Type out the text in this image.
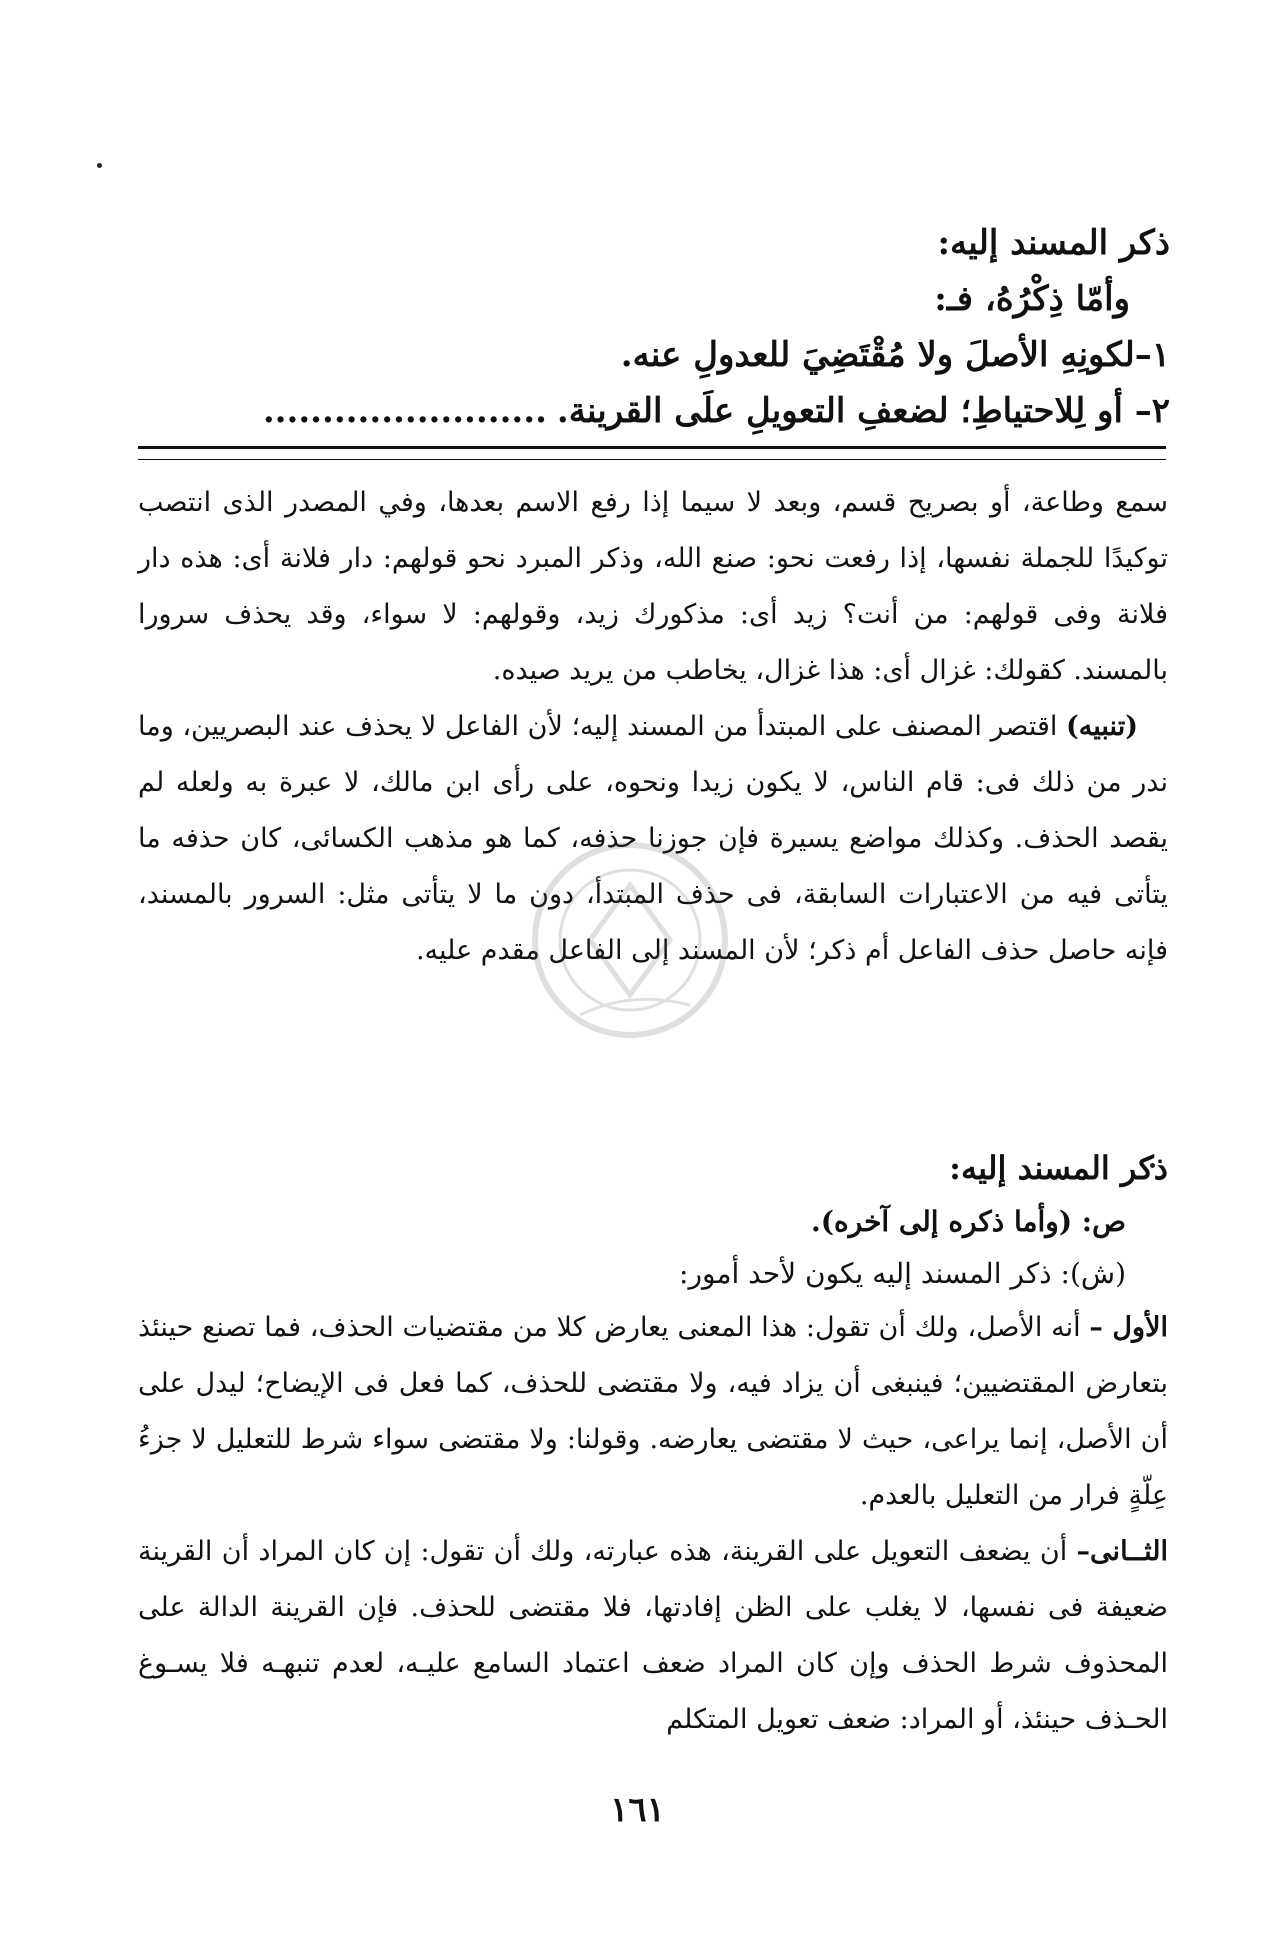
ذكر المسند إليه:

وأمّا ذِكْرُهُ، فـ:

١–لكونِهِ الأصلَ ولا مُقْتَضِيَ للعدولِ عنه.

٢– أو لِلاحتياطِ؛ لضعفِ التعويلِ علَى القرينة.........................

سمع وطاعة، أو بصريح قسم، وبعد لا سيما إذا رفع الاسم بعدها، وفي المصدر الذى انتصب توكيدًا للجملة نفسها، إذا رفعت نحو: صنع الله، وذكر المبرد نحو قولهم: دار فلانة أى: هذه دار فلانة وفى قولهم: من أنت؟ زيد أى: مذكورك زيد، وقولهم: لا سواء، وقد يحذف سرورا بالمسند. كقولك: غزال أى: هذا غزال، يخاطب من يريد صيده.

(تنبيه) اقتصر المصنف على المبتدأ من المسند إليه؛ لأن الفاعل لا يحذف عند البصريين، وما ندر من ذلك فى: قام الناس، لا يكون زيدا ونحوه، على رأى ابن مالك، لا عبرة به ولعله لم يقصد الحذف. وكذلك مواضع يسيرة فإن جوزنا حذفه، كما هو مذهب الكسائى، كان حذفه ما يتأتى فيه من الاعتبارات السابقة، فى حذف المبتدأ، دون ما لا يتأتى مثل: السرور بالمسند، فإنه حاصل حذف الفاعل أم ذكر؛ لأن المسند إلى الفاعل مقدم عليه.

ذكر المسند إليه:

ص: (وأما ذكره إلى آخره).

(ش): ذكر المسند إليه يكون لأحد أمور:

الأول – أنه الأصل، ولك أن تقول: هذا المعنى يعارض كلا من مقتضيات الحذف، فما تصنع حينئذ بتعارض المقتضيين؛ فينبغى أن يزاد فيه، ولا مقتضى للحذف، كما فعل فى الإيضاح؛ ليدل على أن الأصل، إنما يراعى، حيث لا مقتضى يعارضه. وقولنا: ولا مقتضى سواء شرط للتعليل لا جزءُ عِلّةٍ فرار من التعليل بالعدم.

الثــانى– أن يضعف التعويل على القرينة، هذه عبارته، ولك أن تقول: إن كان المراد أن القرينة ضعيفة فى نفسها، لا يغلب على الظن إفادتها، فلا مقتضى للحذف. فإن القرينة الدالة على المحذوف شرط الحذف وإن كان المراد ضعف اعتماد السامع عليـه، لعدم تنبهـه فلا يسـوغ الحـذف حينئذ، أو المراد: ضعف تعويل المتكلم

١٦١
